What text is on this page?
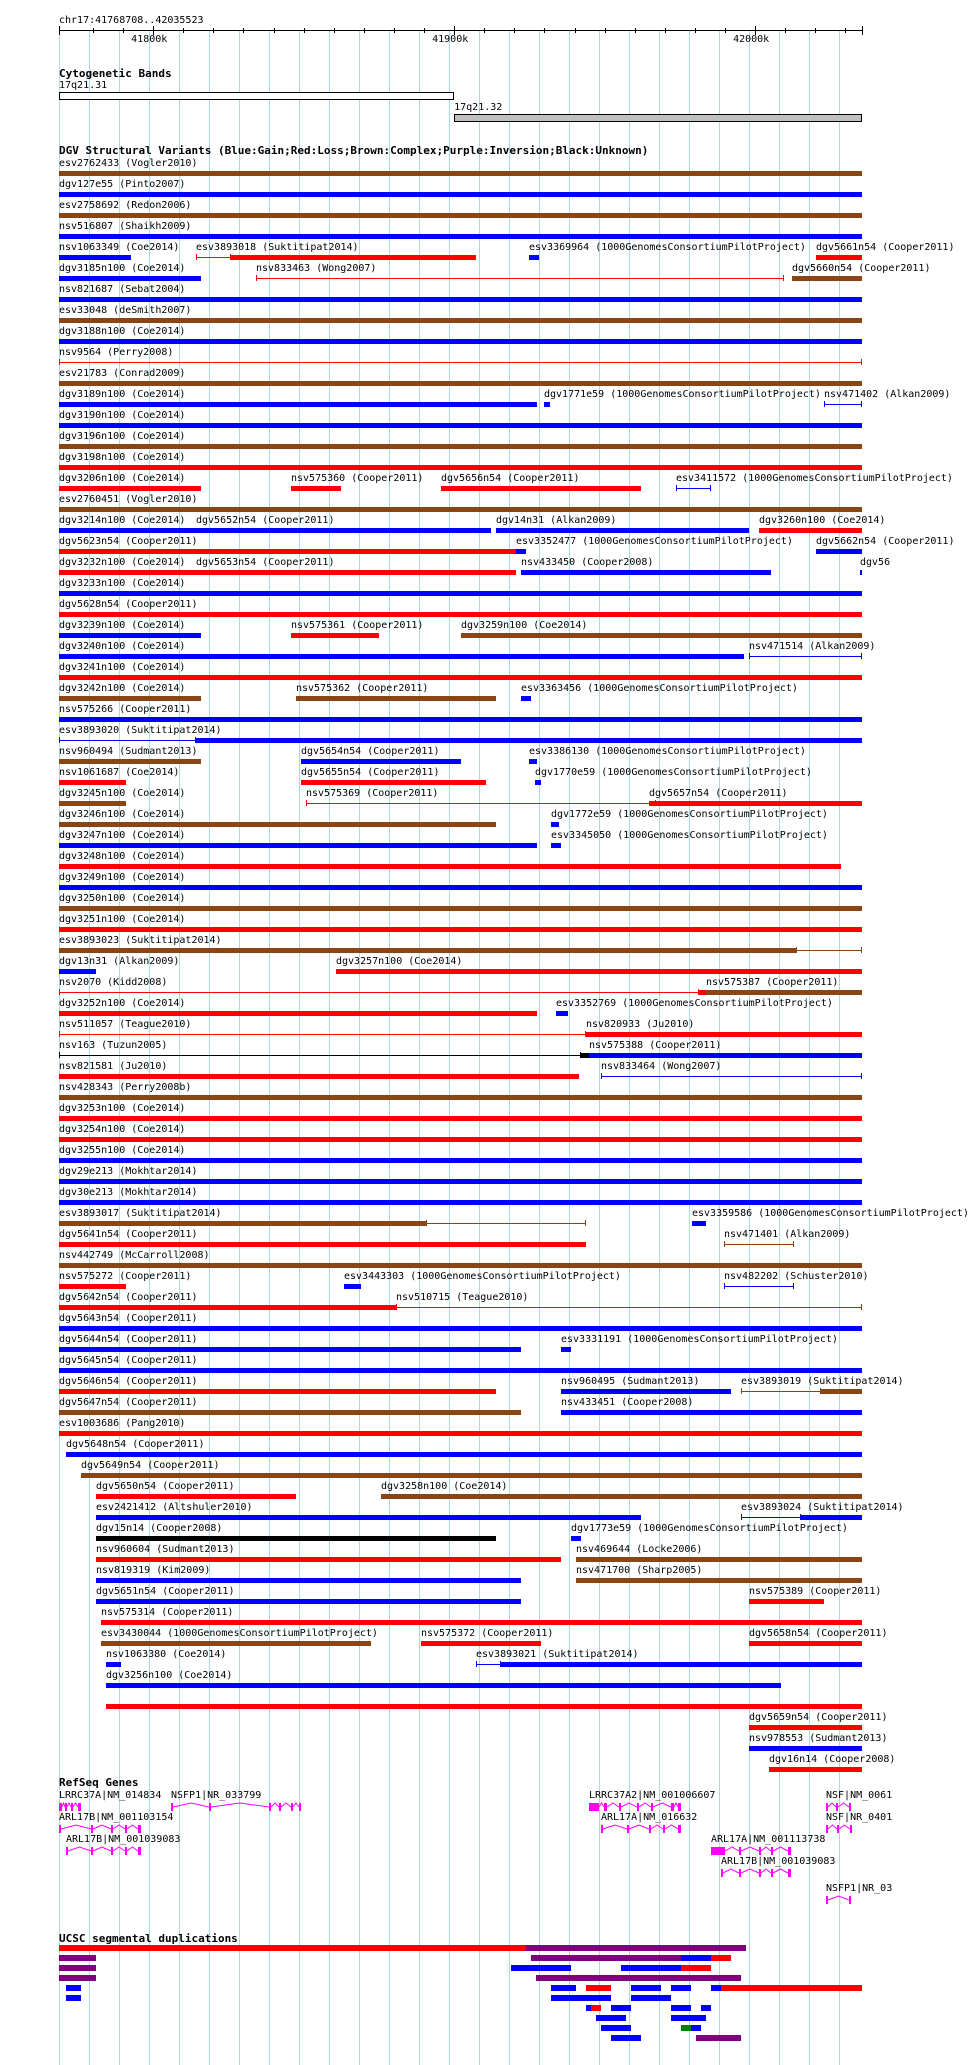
chr17:41768708..42035523
41800k	41900k	42000k
Cytogenetic Bands
17q21.31
17q21.32
DGV Structural Variants (Blue:Gain;Red:Loss;Brown:Complex;Purple:Inversion;Black:Unknown)
esv2762433 (Vogler2010)
dgv127e55 (Pinto2007)
esv2758692 (Redon2006)
nsv516807 (Shaikh2009)
nsv1063349 (Coe2014) esv3893018 (Suktitipat2014)	esv3369964 (1000GenomesConsortiumPilotProject) dgv5661n54 (Cooper2011)
dgv3185n100 (Coe2014)	nsv833463 (Wong2007)	dgv5660n54 (Cooper2011)
nsv821687 (Sebat2004)
esv33048 (deSmith2007)
dgv3188n100 (Coe2014)
nsv9564 (Perry2008)
esv21783 (Conrad2009)
dgv3189n100 (Coe2014)	dgv1771e59 (1000GenomesConsortiumPilotProject) nsv471402 (Alkan2009)
dgv3190n100 (Coe2014)
dgv3196n100 (Coe2014)
dgv3198n100 (Coe2014)
dgv3206n100 (Coe2014)	nsv575360 (Cooper2011) dgv5656n54 (Cooper2011)	esv3411572 (1000GenomesConsortiumPilotProject)
esv2760451 (Vogler2010)
dgv3214n100 (Coe2014) dgv5652n54 (Cooper2011)	dgv14n31 (Alkan2009)	dgv3260n100 (Coe2014)
dgv5623n54 (Cooper2011)	esv3352477 (1000GenomesConsortiumPilotProject) dgv5662n54 (Cooper2011)
dgv3232n100 (Coe2014) dgv5653n54 (Cooper2011)	nsv433450 (Cooper2008)	dgv56
dgv3233n100 (Coe2014)
dgv5628n54 (Cooper2011)
dgv3239n100 (Coe2014)	nsv575361 (Cooper2011)	dgv3259n100 (Coe2014)
dgv3240n100 (Coe2014)	nsv471514 (Alkan2009)
dgv3241n100 (Coe2014)
dgv3242n100 (Coe2014)	nsv575362 (Cooper2011)	esv3363456 (1000GenomesConsortiumPilotProject)
nsv575266 (Cooper2011)
esv3893020 (Suktitipat2014)
nsv960494 (Sudmant2013)	dgv5654n54 (Cooper2011)	esv3386130 (1000GenomesConsortiumPilotProject)
nsv1061687 (Coe2014)	dgv5655n54 (Cooper2011)	dgv1770e59 (1000GenomesConsortiumPilotProject)
dgv3245n100 (Coe2014)	nsv575369 (Cooper2011)	dgv5657n54 (Cooper2011)
dgv3246n100 (Coe2014)	dgv1772e59 (1000GenomesConsortiumPilotProject)
dgv3247n100 (Coe2014)	esv3345050 (1000GenomesConsortiumPilotProject)
dgv3248n100 (Coe2014)
dgv3249n100 (Coe2014)
dgv3250n100 (Coe2014)
dgv3251n100 (Coe2014)
esv3893023 (Suktitipat2014)
dgv13n31 (Alkan2009)	dgv3257n100 (Coe2014)
nsv2070 (Kidd2008)	nsv575387 (Cooper2011)
dgv3252n100 (Coe2014)	esv3352769 (1000GenomesConsortiumPilotProject)
nsv511057 (Teague2010)	nsv820933 (Ju2010)
nsv163 (Tuzun2005)	nsv575388 (Cooper2011)
nsv821581 (Ju2010)	nsv833464 (Wong2007)
nsv428343 (Perry2008b)
dgv3253n100 (Coe2014)
dgv3254n100 (Coe2014)
dgv3255n100 (Coe2014)
dgv29e213 (Mokhtar2014)
dgv30e213 (Mokhtar2014)
esv3893017 (Suktitipat2014)	esv3359586 (1000GenomesConsortiumPilotProject)
dgv5641n54 (Cooper2011)	nsv471401 (Alkan2009)
nsv442749 (McCarroll2008)
nsv575272 (Cooper2011)	esv3443303 (1000GenomesConsortiumPilotProject)	nsv482202 (Schuster2010)
dgv5642n54 (Cooper2011)	nsv510715 (Teague2010)
dgv5643n54 (Cooper2011)
dgv5644n54 (Cooper2011)	esv3331191 (1000GenomesConsortiumPilotProject)
dgv5645n54 (Cooper2011)
dgv5646n54 (Cooper2011)	nsv960495 (Sudmant2013)	esv3893019 (Suktitipat2014)
dgv5647n54 (Cooper2011)	nsv433451 (Cooper2008)
esv1003686 (Pang2010)
dgv5648n54 (Cooper2011)
dgv5649n54 (Cooper2011)
dgv5650n54 (Cooper2011)	dgv3258n100 (Coe2014)
esv2421412 (Altshuler2010)	esv3893024 (Suktitipat2014)
dgv15n14 (Cooper2008)	dgv1773e59 (1000GenomesConsortiumPilotProject)
nsv960604 (Sudmant2013)	nsv469644 (Locke2006)
nsv819319 (Kim2009)	nsv471700 (Sharp2005)
dgv5651n54 (Cooper2011)	nsv575389 (Cooper2011)
nsv575314 (Cooper2011)
esv3430044 (1000GenomesConsortiumPilotProject)	nsv575372 (Cooper2011)	dgv5658n54 (Cooper2011)
nsv1063380 (Coe2014)	esv3893021 (Suktitipat2014)
dgv3256n100 (Coe2014)
dgv5659n54 (Cooper2011)
nsv978553 (Sudmant2013)
dgv16n14 (Cooper2008)
RefSeq Genes
LRRC37A|NM_014834 NSFP1|NR_033799	LRRC37A2|NM_001006607	NSF|NM_0061
ARL17B|NM_001103154	ARL17A|NM_016632	NSF|NR_0401
ARL17B|NM_001039083	ARL17A|NM_001113738
ARL17B|NM_001039083
NSFP1|NR_03
UCSC segmental duplications
